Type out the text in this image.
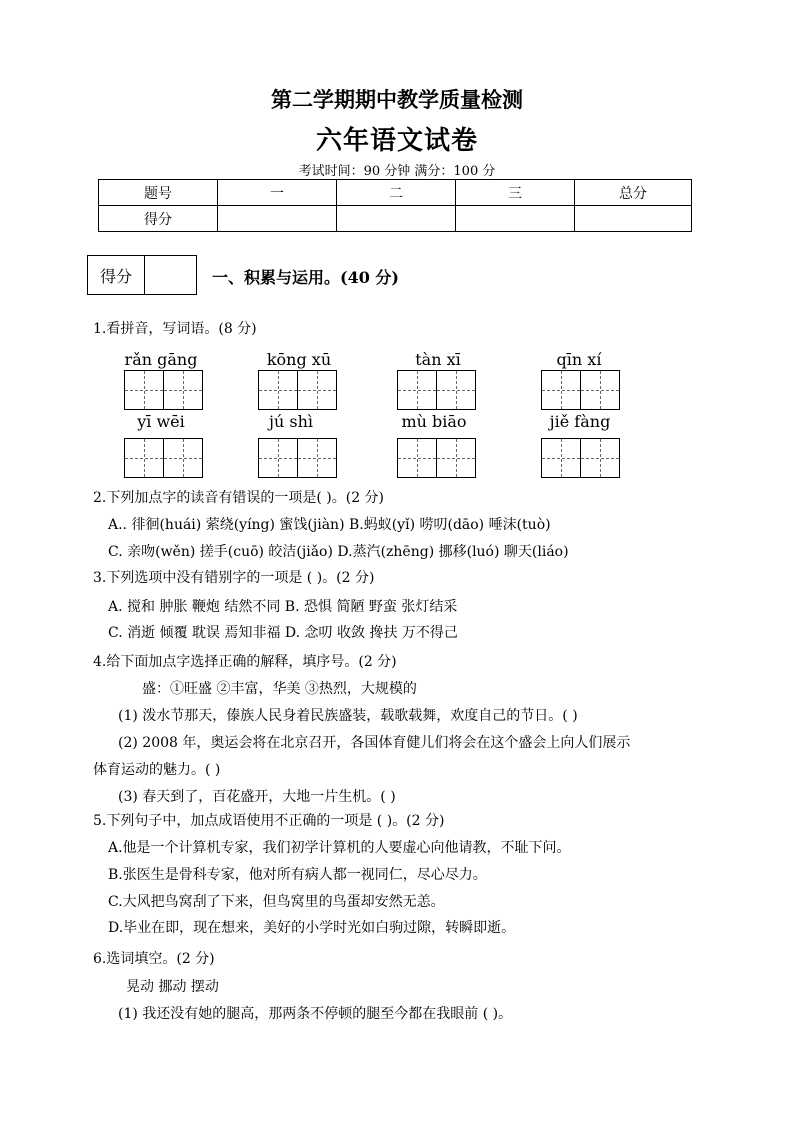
第二学期期中教学质量检测
六年语文试卷
考试时间：90 分钟 满分：100 分
题号	一	二	三	总分
得分				
得分	一、积累与运用。(40 分)
1.看拼音，写词语。(8 分)
rǎn gāng	kōng xū	tàn xī	qīn xí
yī wēi	jú shì	mù biāo	jiě fàng
2.下列加点字的读音有错误的一项是( )。(2 分)
A.. 徘徊(huái) 萦绕(yíng) 蜜饯(jiàn) B.蚂蚁(yǐ) 唠叨(dāo) 唾沫(tuò)
C. 亲吻(wěn) 搓手(cuō) 皎洁(jiǎo) D.蒸汽(zhēng) 挪移(luó) 聊天(liáo)
3.下列选项中没有错别字的一项是 ( )。(2 分)
A. 搅和 肿胀 鞭炮 结然不同 B. 恐惧 简陋 野蛮 张灯结采
C. 消逝 倾覆 耽误 焉知非福 D. 念叨 收敛 搀扶 万不得己
4.给下面加点字选择正确的解释，填序号。(2 分)
盛：①旺盛 ②丰富，华美 ③热烈，大规模的
(1) 泼水节那天，傣族人民身着民族盛装，载歌载舞，欢度自己的节日。( )
(2) 2008 年，奥运会将在北京召开，各国体育健儿们将会在这个盛会上向人们展示
体育运动的魅力。( )
(3) 春天到了，百花盛开，大地一片生机。( )
5.下列句子中，加点成语使用不正确的一项是 ( )。(2 分)
A.他是一个计算机专家，我们初学计算机的人要虚心向他请教，不耻下问。
B.张医生是骨科专家，他对所有病人都一视同仁，尽心尽力。
C.大风把鸟窝刮了下来，但鸟窝里的鸟蛋却安然无恙。
D.毕业在即，现在想来，美好的小学时光如白驹过隙，转瞬即逝。
6.选词填空。(2 分)
晃动 挪动 摆动
(1) 我还没有她的腿高，那两条不停顿的腿至今都在我眼前 ( )。
